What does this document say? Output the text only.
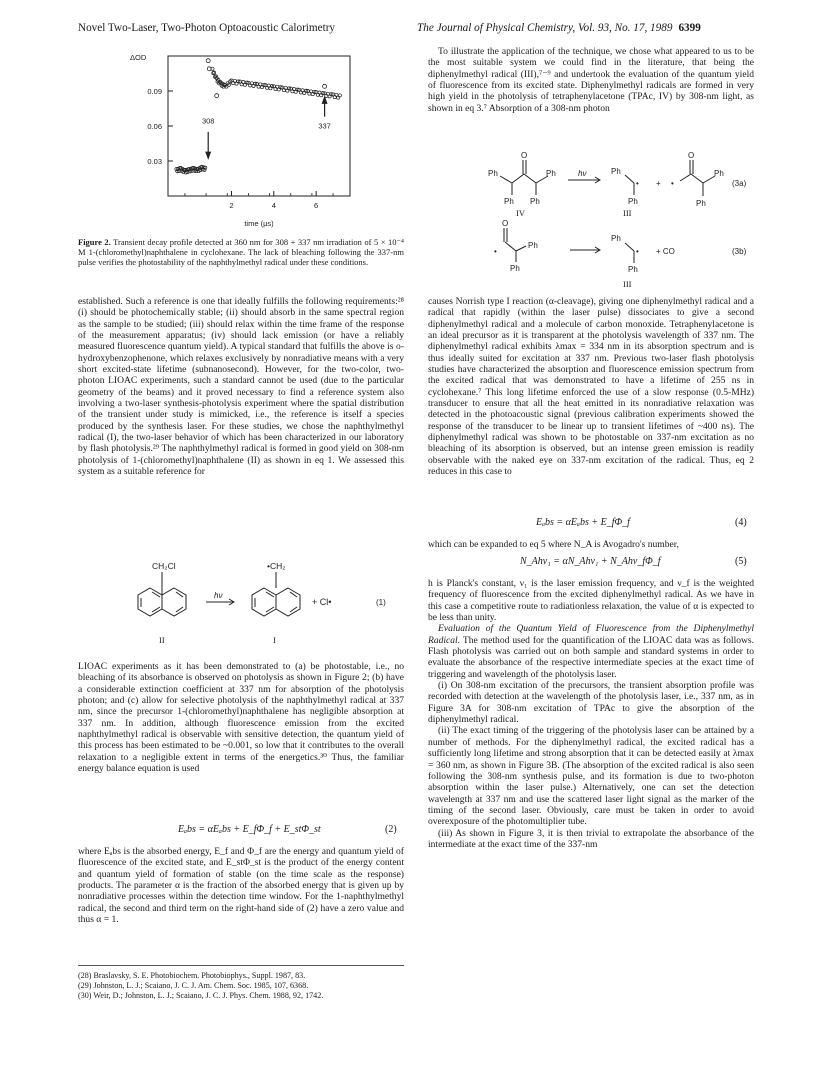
Novel Two-Laser, Two-Photon Optoacoustic Calorimetry	The Journal of Physical Chemistry, Vol. 93, No. 17, 1989 6399
0.03
0.06
0.09
2	4	6
ΔOD
time (μs)
308
337
Figure 2. Transient decay profile detected at 360 nm for 308 + 337 nm irradiation of 5 × 10⁻⁴ M 1-(chloromethyl)naphthalene in cyclohexane. The lack of bleaching following the 337-nm pulse verifies the photostability of the naphthylmethyl radical under these conditions.

established. Such a reference is one that ideally fulfills the following requirements:²⁸ (i) should be photochemically stable; (ii) should absorb in the same spectral region as the sample to be studied; (iii) should relax within the time frame of the response of the measurement apparatus; (iv) should lack emission (or have a reliably measured fluorescence quantum yield). A typical standard that fulfills the above is o-hydroxybenzophenone, which relaxes exclusively by nonradiative means with a very short excited-state lifetime (subnanosecond). However, for the two-color, two-photon LIOAC experiments, such a standard cannot be used (due to the particular geometry of the beams) and it proved necessary to find a reference system also involving a two-laser synthesis-photolysis experiment where the spatial distribution of the transient under study is mimicked, i.e., the reference is itself a species produced by the synthesis laser. For these studies, we chose the naphthylmethyl radical (I), the two-laser behavior of which has been characterized in our laboratory by flash photolysis.²⁹ The naphthylmethyl radical is formed in good yield on 308-nm photolysis of 1-(chloromethyl)naphthalene (II) as shown in eq 1. We assessed this system as a suitable reference for

CH₂Cl	•CH₂
hν
+ Cl•	(1)
II	I

LIOAC experiments as it has been demonstrated to (a) be photostable, i.e., no bleaching of its absorbance is observed on photolysis as shown in Figure 2; (b) have a considerable extinction coefficient at 337 nm for absorption of the photolysis photon; and (c) allow for selective photolysis of the naphthylmethyl radical at 337 nm, since the precursor 1-(chloromethyl)naphthalene has negligible absorption at 337 nm. In addition, although fluorescence emission from the excited naphthylmethyl radical is observable with sensitive detection, the quantum yield of this process has been estimated to be ~0.001, so low that it contributes to the overall relaxation to a negligible extent in terms of the energetics.³⁰ Thus, the familiar energy balance equation is used

Eₐbs = αEₐbs + E_fΦ_f + E_stΦ_st	(2)

where Eₐbs is the absorbed energy, E_f and Φ_f are the energy and quantum yield of fluorescence of the excited state, and E_stΦ_st is the product of the energy content and quantum yield of formation of stable (on the time scale as the response) products. The parameter α is the fraction of the absorbed energy that is given up by nonradiative processes within the detection time window. For the 1-naphthylmethyl radical, the second and third term on the right-hand side of (2) have a zero value and thus α = 1.

(28) Braslavsky, S. E. Photobiochem. Photobiophys., Suppl. 1987, 83.
(29) Johnston, L. J.; Scaiano, J. C. J. Am. Chem. Soc. 1985, 107, 6368.
(30) Weir, D.; Johnston, L. J.; Scaiano, J. C. J. Phys. Chem. 1988, 92, 1742.

To illustrate the application of the technique, we chose what appeared to us to be the most suitable system we could find in the literature, that being the diphenylmethyl radical (III),⁷⁻⁹ and undertook the evaluation of the quantum yield of fluorescence from its excited state. Diphenylmethyl radicals are formed in very high yield in the photolysis of tetraphenylacetone (TPAc, IV) by 308-nm light, as shown in eq 3.⁷ Absorption of a 308-nm photon

O
Ph	Ph
Ph Ph
hν	Ph
•
Ph
+ •
O
Ph
Ph
(3a)
IV	III
O
•
Ph
Ph
Ph
•
Ph
+ CO	(3b)
III

causes Norrish type I reaction (α-cleavage), giving one diphenylmethyl radical and a radical that rapidly (within the laser pulse) dissociates to give a second diphenylmethyl radical and a molecule of carbon monoxide. Tetraphenylacetone is an ideal precursor as it is transparent at the photolysis wavelength of 337 nm. The diphenylmethyl radical exhibits λmax = 334 nm in its absorption spectrum and is thus ideally suited for excitation at 337 nm. Previous two-laser flash photolysis studies have characterized the absorption and fluorescence emission spectrum from the excited radical that was demonstrated to have a lifetime of 255 ns in cyclohexane.⁷ This long lifetime enforced the use of a slow response (0.5-MHz) transducer to ensure that all the heat emitted in its nonradiative relaxation was detected in the photoacoustic signal (previous calibration experiments showed the response of the transducer to be linear up to transient lifetimes of ~400 ns). The diphenylmethyl radical was shown to be photostable on 337-nm excitation as no bleaching of its absorption is observed, but an intense green emission is readily observable with the naked eye on 337-nm excitation of the radical. Thus, eq 2 reduces in this case to

Eₐbs = αEₐbs + E_fΦ_f	(4)

which can be expanded to eq 5 where N_A is Avogadro's number,

N_Ahν₁ = αN_Ahν₁ + N_Ahν_fΦ_f	(5)

h is Planck's constant, ν₁ is the laser emission frequency, and ν_f is the weighted frequency of fluorescence from the excited diphenylmethyl radical. As we have in this case a competitive route to radiationless relaxation, the value of α is expected to be less than unity.

Evaluation of the Quantum Yield of Fluorescence from the Diphenylmethyl Radical. The method used for the quantification of the LIOAC data was as follows. Flash photolysis was carried out on both sample and standard systems in order to evaluate the absorbance of the respective intermediate species at the exact time of triggering and wavelength of the photolysis laser.

(i) On 308-nm excitation of the precursors, the transient absorption profile was recorded with detection at the wavelength of the photolysis laser, i.e., 337 nm, as in Figure 3A for 308-nm excitation of TPAc to give the absorption of the diphenylmethyl radical.

(ii) The exact timing of the triggering of the photolysis laser can be attained by a number of methods. For the diphenylmethyl radical, the excited radical has a sufficiently long lifetime and strong absorption that it can be detected easily at λmax = 360 nm, as shown in Figure 3B. (The absorption of the excited radical is also seen following the 308-nm synthesis pulse, and its formation is due to two-photon absorption within the laser pulse.) Alternatively, one can set the detection wavelength at 337 nm and use the scattered laser light signal as the marker of the timing of the second laser. Obviously, care must be taken in order to avoid overexposure of the photomultiplier tube.

(iii) As shown in Figure 3, it is then trivial to extrapolate the absorbance of the intermediate at the exact time of the 337-nm
